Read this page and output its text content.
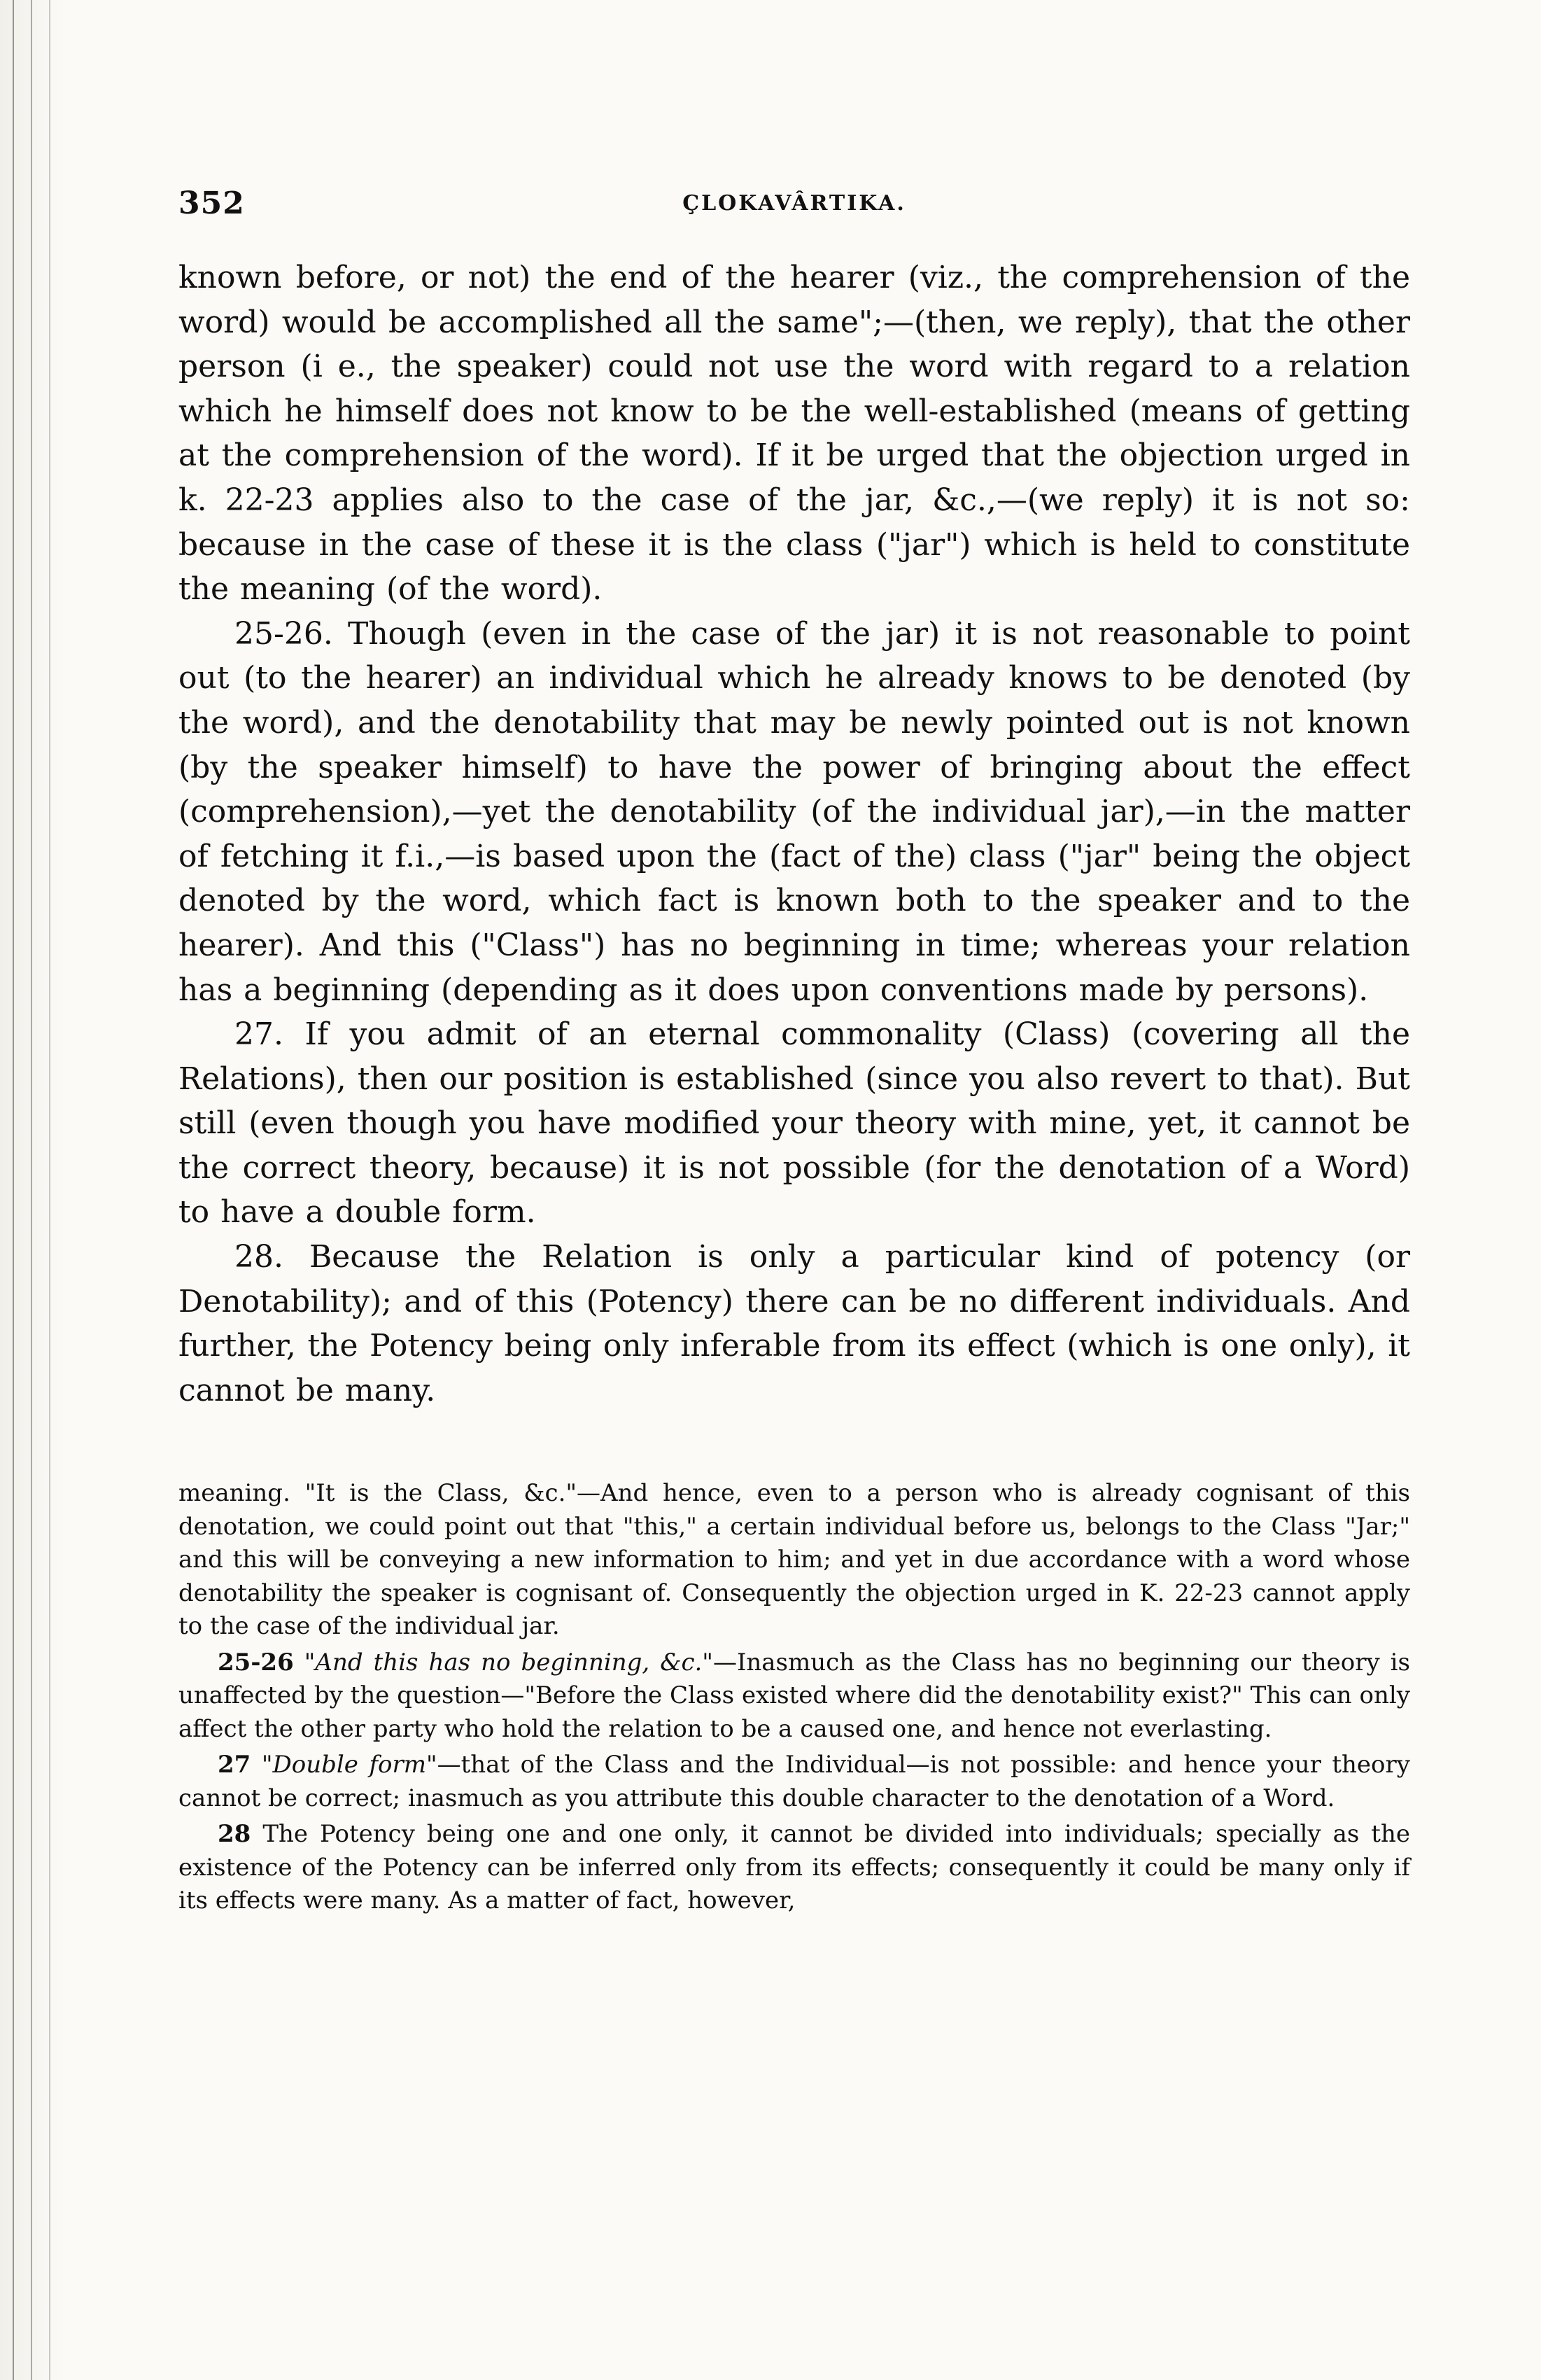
352	ÇLOKAVÂRTIKA.

known before, or not) the end of the hearer (viz., the comprehension of the word) would be accomplished all the same";—(then, we reply), that the other person (i e., the speaker) could not use the word with regard to a relation which he himself does not know to be the well-established (means of getting at the comprehension of the word). If it be urged that the objection urged in k. 22-23 applies also to the case of the jar, &c.,—(we reply) it is not so: because in the case of these it is the class ("jar") which is held to constitute the meaning (of the word).

25-26. Though (even in the case of the jar) it is not reasonable to point out (to the hearer) an individual which he already knows to be denoted (by the word), and the denotability that may be newly pointed out is not known (by the speaker himself) to have the power of bringing about the effect (comprehension),—yet the denotability (of the individual jar),—in the matter of fetching it f.i.,—is based upon the (fact of the) class ("jar" being the object denoted by the word, which fact is known both to the speaker and to the hearer). And this ("Class") has no beginning in time; whereas your relation has a beginning (depending as it does upon conventions made by persons).

27. If you admit of an eternal commonality (Class) (covering all the Relations), then our position is established (since you also revert to that). But still (even though you have modified your theory with mine, yet, it cannot be the correct theory, because) it is not possible (for the denotation of a Word) to have a double form.

28. Because the Relation is only a particular kind of potency (or Denotability); and of this (Potency) there can be no different individuals. And further, the Potency being only inferable from its effect (which is one only), it cannot be many.

meaning. "It is the Class, &c."—And hence, even to a person who is already cognisant of this denotation, we could point out that "this," a certain individual before us, belongs to the Class "Jar;" and this will be conveying a new information to him; and yet in due accordance with a word whose denotability the speaker is cognisant of. Consequently the objection urged in K. 22-23 cannot apply to the case of the individual jar.

25-26 "And this has no beginning, &c."—Inasmuch as the Class has no beginning our theory is unaffected by the question—"Before the Class existed where did the denotability exist?" This can only affect the other party who hold the relation to be a caused one, and hence not everlasting.

27 "Double form"—that of the Class and the Individual—is not possible: and hence your theory cannot be correct; inasmuch as you attribute this double character to the denotation of a Word.

28 The Potency being one and one only, it cannot be divided into individuals; specially as the existence of the Potency can be inferred only from its effects; consequently it could be many only if its effects were many. As a matter of fact, however,
